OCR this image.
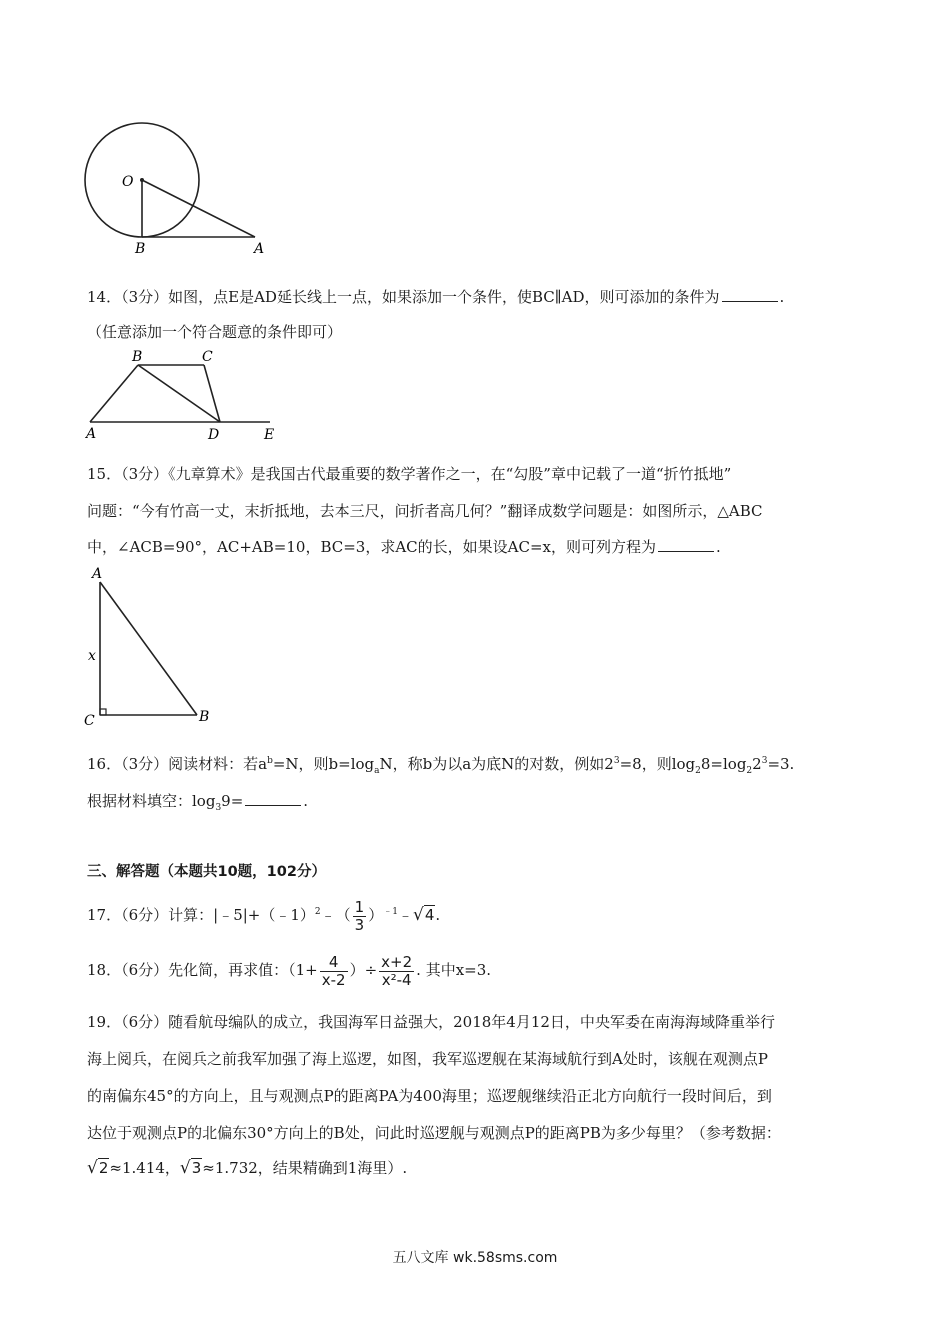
O
B	A
14．（3分）如图，点E是AD延长线上一点，如果添加一个条件，使BC∥AD，则可添加的条件为	.
（任意添加一个符合题意的条件即可）
B	C
A	D	E
15．（3分）《九章算术》是我国古代最重要的数学著作之一，在“勾股”章中记载了一道“折竹抵地”
问题：“今有竹高一丈，末折抵地，去本三尺，问折者高几何？”翻译成数学问题是：如图所示，△ABC
中，∠ACB=90°，AC+AB=10，BC=3，求AC的长，如果设AC=x，则可列方程为	.
A
x
C	B
16．（3分）阅读材料：若$a^b=N$，则$b=\log_aN$，称b为以a为底N的对数，例如$2^3=8$，则$\log_28=\log_22^3=3$.
根据材料填空：$\log_39=$	.
三、解答题（本题共10题，102分）
17．（6分）计算：|﹣5|+（﹣1）$^2$﹣（ $\frac{1}{3}$ ）$^{﹣1}$﹣√4.
18．（6分）先化简，再求值：（$1+ \frac{4}{x-2}$ ）÷ $\frac{x+2}{\text{x²-4}}$ . 其中x=3.
19．（6分）随看航母编队的成立，我国海军日益强大，2018年4月12日，中央军委在南海海域降重举行
海上阅兵，在阅兵之前我军加强了海上巡逻，如图，我军巡逻舰在某海域航行到A处时，该舰在观测点P
的南偏东45°的方向上，且与观测点P的距离PA为400海里；巡逻舰继续沿正北方向航行一段时间后，到
达位于观测点P的北偏东30°方向上的B处，问此时巡逻舰与观测点P的距离PB为多少每里？（参考数据：
√2≈1.414，√3≈1.732，结果精确到1海里）.
五八文库 wk.58sms.com
